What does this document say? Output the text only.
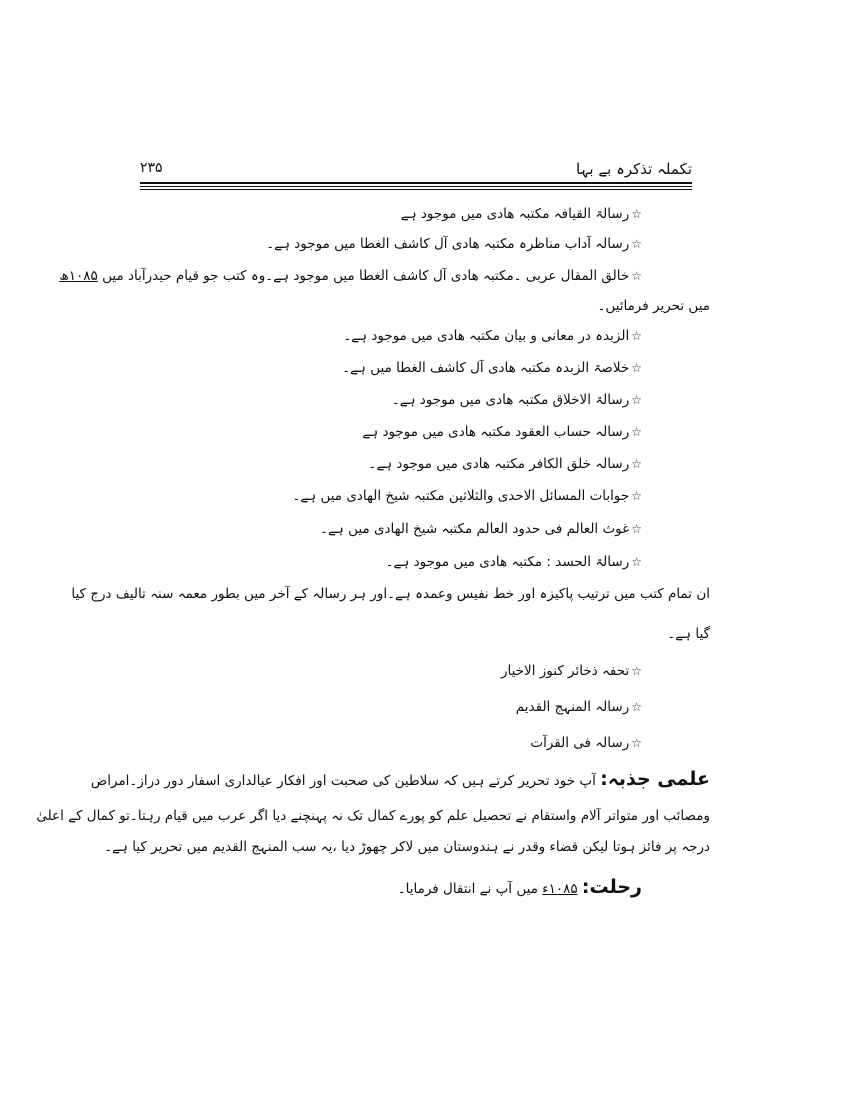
تکملہ تذکرہ بے بہا
۲۳۵
☆رسالۃ القیافہ مکتبہ ھادی میں موجود ہے
☆رسالہ آداب مناظرہ مکتبہ ھادی آل کاشف الغطا میں موجود ہے۔
☆خالق المقال عربی ۔مکتبہ ھادی آل کاشف الغطا میں موجود ہے۔وہ کتب جو قیام حیدرآباد میں ۱۰۸۵ھ
میں تحریر فرمائیں۔
☆الزبدہ در معانی و بیان مکتبہ ھادی میں موجود ہے۔
☆خلاصۃ الزبدہ مکتبہ ھادی آل کاشف الغطا میں ہے۔
☆رسالۃ الاخلاق مکتبہ ھادی میں موجود ہے۔
☆رسالہ حساب العقود مکتبہ ھادی میں موجود ہے
☆رسالہ خلق الکافر مکتبہ ھادی میں موجود ہے۔
☆جوابات المسائل الاحدی والثلاثین مکتبہ شیخ الھادی میں ہے۔
☆غوث العالم فی حدود العالم مکتبہ شیخ الھادی میں ہے۔
☆رسالۃ الحسد : مکتبہ ھادی میں موجود ہے۔
ان تمام کتب میں ترتیب پاکیزہ اور خط نفیس وعمدہ ہے۔اور ہر رسالہ کے آخر میں بطور معمہ سنہ تالیف درج کیا
گیا ہے۔
☆تحفہ ذخائر کنوز الاخیار
☆رسالہ المنہج القدیم
☆رسالہ فی القرآت
علمی جذبہ: آپ خود تحریر کرتے ہیں کہ سلاطین کی صحبت اور افکار عیالداری اسفار دور دراز۔امراض
ومصائب اور متواتر آلام واستقام نے تحصیل علم کو پورے کمال تک نہ پہنچنے دیا اگر عرب میں قیام رہتا۔تو کمال کے اعلیٰ
درجہ پر فائز ہوتا لیکن قضاء وقدر نے ہندوستان میں لاکر چھوڑ دیا ،یہ سب المنہج القدیم میں تحریر کیا ہے۔
رحلت: ۱۰۸۵ء میں آپ نے انتقال فرمایا۔
